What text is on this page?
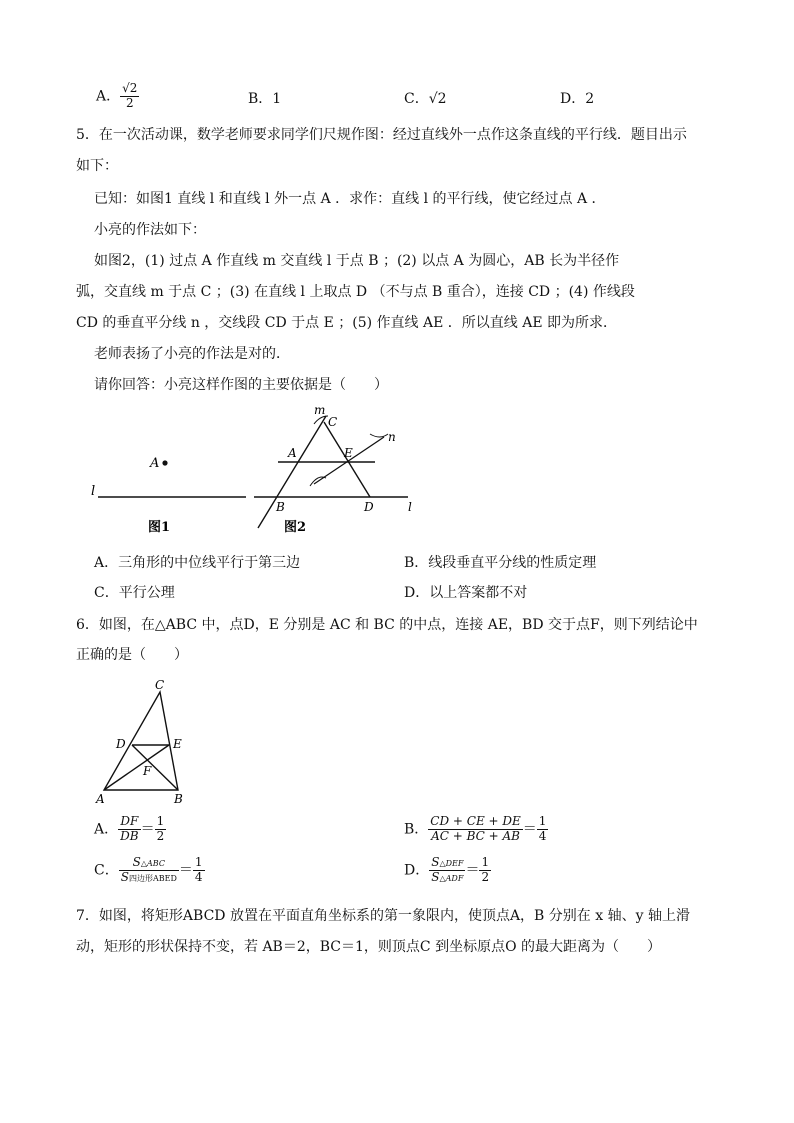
A． $\frac{√2}{2}$	B．1	C．√2	D．2
5．在一次活动课，数学老师要求同学们尺规作图：经过直线外一点作这条直线的平行线．题目出示
如下：
已知：如图1 直线 l 和直线 l 外一点 A ．求作：直线 l 的平行线，使它经过点 A ．
小亮的作法如下：
如图2，(1) 过点 A 作直线 m 交直线 l 于点 B ；(2) 以点 A 为圆心，AB 长为半径作
弧，交直线 m 于点 C ；(3) 在直线 l 上取点 D （不与点 B 重合），连接 CD ；(4) 作线段
CD 的垂直平分线 n ，交线段 CD 于点 E ；(5) 作直线 AE ．所以直线 AE 即为所求．
老师表扬了小亮的作法是对的．
请你回答：小亮这样作图的主要依据是（　　）
l
A
图1
m
C
n
A	E
B	D	l
图2
A．三角形的中位线平行于第三边	B．线段垂直平分线的性质定理
C．平行公理	D．以上答案都不对
6．如图，在△ABC 中，点D，E 分别是 AC 和 BC 的中点，连接 AE，BD 交于点F，则下列结论中
正确的是（　　）
C
D	E
F
A	B
A． $\frac{DF}{DB} = \frac{1}{2}$	B． $\frac{CD + CE + DE}{AC + BC + AB} = \frac{1}{4}$
C． $\frac{\text{S△ABC}}{\text{S四边形ABED}} = \frac{1}{4}$	D． $\frac{\text{S△DEF}}{\text{S△ADF}} = \frac{1}{2}$
7．如图，将矩形ABCD 放置在平面直角坐标系的第一象限内，使顶点A，B 分别在 x 轴、y 轴上滑
动，矩形的形状保持不变，若 AB＝2，BC＝1，则顶点C 到坐标原点O 的最大距离为（　　）
